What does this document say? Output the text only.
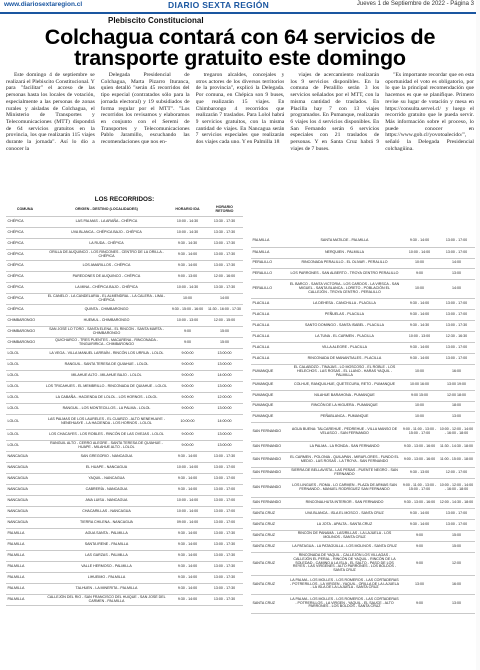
www.diariosextaregion.cl	DIARIO SEXTA REGIÓN	Jueves 1 de Septiembre de 2022 - Página 3
Plebiscito Constitucional
Colchagua contará con 64 servicios de transporte gratuito este domingo

Este domingo 4 de septiembre se realizará el Plebiscito Constitucional. Y para "facilitar" el acceso de las personas hasta los locales de votación, especialmente a las personas de zonas rurales y aisladas de Colchagua, el Ministerio de Transportes y Telecomunicaciones (MTT) dispondrá de 64 servicios gratuitos en la provincia, los que realizarán 115 viajes durante la jornada". Así lo dio a conocer la

Delegada Presidencial de Colchagua, Marta Pizarro Ituranca, quien detalló "serán 45 recorridos del tipo especial (contratados sólo para la jornada electoral) y 19 subsidiados de forma regular por el MTT". "Los recorridos los revisamos y elaboramos en conjunto con el Seremi de Transportes y Telecomunicaciones Pablo Jaramillo, escuchando las recomendaciones que nos en-

tregaron alcaldes, concejales y otros actores de los diversos territorios de la provincia", explicó la Delegada. Por comuna, en Chépica son 9 buses, que realizarán 15 viajes. En Chimbarongo 4 recorridos que realizarán 7 traslados. Para Lolol habrá 9 servicios gratuitos, con la misma cantidad de viajes. En Nancagua serán 7 servicios especiales que realizarán dos viajes cada uno. Y en Palmilla 18

viajes de acercamiento realizarán los 9 servicios disponibles. En la comuna de Peralillo serán 3 los servicios señalados por el MTT, con la misma cantidad de traslados. En Placilla hay 7 con 13 viajes programados. En Pumanque, realizarán 6 viajes los 4 servicios disponibles. En San Fernando serán 6 servicios especiales con 21 traslados de personas. Y en Santa Cruz habrá 9 viajes de 7 buses.

"Es importante recordar que en esta oportunidad el voto es obligatorio, por lo que la principal recomendación que hacemos es que se planifique. Primero revise su lugar de votación y mesa en https://consulta.servel.cl/ y luego el recorrido gratuito que le pueda servir. Más información sobre el proceso, lo puede conocer en https://www.gob.cl/yovotoalecido/", señaló la Delegada Presidencial colchagüina.

LOS RECORRIDOS:
COMUNA	ORIGEN - DESTINO (LOCALIDADES)	HORARIO IDA	HORARIO RETORNO
CHÉPICA	LAS PALMAS - LA ARAÑA - CHÉPICA	10:00 - 14:30	13:30 - 17:30
CHÉPICA	UVA BLANCA - CHÉPICA BAJO - CHÉPICA	10:00 - 14:30	13:30 - 17:30
CHÉPICA	LA RUDA - CHÉPICA	9:30 - 14:30	13:00 - 17:30
CHÉPICA	ORILLA DE AUQUINCO - LOS RINCONES - CENTRO DE LA ORILLA - CHÉPICA	9:30 - 14:00	13:00 - 17:30
CHÉPICA	LOS AMARILLOS - CHÉPICA	9:30 - 14:00	13:00 - 17:30
CHÉPICA	PAREDONES DE AUQUINCO - CHÉPICA	9:00 - 13:00	12:00 - 16:00
CHÉPICA	LA MINA - CHÉPICA BAJO - CHÉPICA	10:00 - 14:30	13:30 - 17:30
CHÉPICA	EL CANELO - LA CANDELARIA - EL ALMENDRAL - LA CALERA - LIMA - CHÉPICA	10:00	14:00
CHÉPICA	QUINTA - CHIMBARONGO	9:30 - 15:00 - 16:00	11:30 - 16:00 - 17:30
CHIMBARONGO	HUEMUL - CHIMBARONGO	10:00 - 13:00	12:00 - 15:00
CHIMBARONGO	SAN JOSÉ LO TORO - SANTA ELENA - EL RINCÓN - SANTA MARTA - CHIMBARONGO	9:00	15:00
CHIMBARONGO	QUICHARCO - TRES PUENTES - MACARENA - RINCONADA - TINGUIRIRICA - CHIMBARONGO	9:00	15:00
LOLOL	LA VEGA - VILLA MANUEL LARRAÍN - RINCÓN LOS URRUA - LOLOL	9:00:00	13:00:00
LOLOL	RANGUIL - SANTA TERESA DE QUIAHUE - LOLOL	9:00:00	13:00:00
LOLOL	MILAHUE ALTO - MILAHUE BAJO - LOLOL	9:00:00	14:00:00
LOLOL	LOS TRICAHUES - EL MEMBRILLO - RINCONADA DE QUIAHUE - LOLOL	9:00:00	13:00:00
LOLOL	LA CABAÑA - HACIENDA DE LOLOL - LOS HORNOS - LOLOL	9:00:00	12:00:00
LOLOL	RANGUIL - LOS MONTECILLOS - LA PALMA - LOLOL	9:00:00	13:00:00
LOLOL	LAS PALMAS DE LOS LAURELES - EL CUARZO - ALTO NENEHUAYE - NENEHUAYE - LA HACIENDA - LOS HORNOS - LOLOL	10:00:00	14:00:00
LOLOL	LOS CHACAYES - LOS ROBLES - RINCÓN DE LAS OVEJAS - LOLOL	9:00:00	13:00:00
LOLOL	RANGUIL ALTO - CERRO ALEGRE - SANTA TERESA DE QUIAHUE - HUAPE - MILAHUE ALTO - LOLOL	9:00:00	13:00:00
NANCAGUA	SAN GREGORIO - NANCAGUA	9:30 - 14:00	13:00 - 17:30
NANCAGUA	EL HUAPE - NANCAGUA	10:00 - 14:00	13:00 - 17:00
NANCAGUA	YAQUIL - NANCAGUA	9:30 - 14:00	13:00 - 17:00
NANCAGUA	CABRERÍA - NANCAGUA	9:30 - 14:00	13:00 - 17:00
NANCAGUA	ANA LUISA - NANCAGUA	10:00 - 14:00	13:00 - 17:00
NANCAGUA	CHACARILLAS - NANCAGUA	10:00 - 14:00	13:00 - 17:00
NANCAGUA	TIERRA CHILENA - NANCAGUA	09:00 - 14:00	13:00 - 17:00
PALMILLA	AGUA SANTA - PALMILLA	9:30 - 14:00	13:00 - 17:30
PALMILLA	SANTA IRENE - PALMILLA	9:30 - 14:00	13:00 - 17:30
PALMILLA	LAS GARZAS - PALMILLA	9:30 - 14:00	13:00 - 17:30
PALMILLA	VALLE HERMOSO - PALMILLA	9:30 - 14:00	13:00 - 17:30
PALMILLA	LIHUEIMO - PALMILLA	9:30 - 14:00	13:00 - 17:30
PALMILLA	TALHUEN - LA MINERITA - PALMILLA	9:30 - 14:00	13:00 - 17:30
PALMILLA	CALLEJÓN DEL RIO - SAN FRANCISCO DEL HUIQUE - SAN JOSÉ DEL CARMEN - PALMILLA	9:30 - 14:00	13:00 - 17:30
PALMILLA	SANTA MATILDE - PALMILLA	9:30 - 14:00	13:00 - 17:00
PALMILLA	NERQUIEN - PALMILLA	10:00 - 14:00	13:00 - 17:00
PERALILLO	RINCONADA PERALILLO - EL OLIVAR - PERALILLO	10:00	14:00
PERALILLO	LOS PARRONES - SAN ALBERTO - TROYA CENTRO PERALILLO	9:00	13:00
PERALILLO	EL BARCO - SANTA VICTORIA - LOS CARDOS - LA VIRSCA - SAN MIGUEL - SANTA BLANCA - LORETO - POBLACIÓN EL CALLEJÓN - TROYA CENTRO - PERALILLO	10:00	14:00
PLACILLA	LA DEHESA - CANCHILLA - PLACILLA	9:30 - 14:00	13:00 - 17:00
PLACILLA	PEÑUELAS - PLACILLA	9:30 - 14:00	13:00 - 17:00
PLACILLA	SANTO DOMINGO - SANTA ISABEL - PLACILLA	9:30 - 14:30	13:00 - 17:30
PLACILLA	LA TUNA - EL CARMEN - PLACILLA	10:00 - 13:00	12:30 - 16:30
PLACILLA	VILLA ALEGRE - PLACILLA	9:30 - 14:00	13:00 - 17:00
PLACILLA	RINCONADA DE MANANTIALES - PLACILLA	9:30 - 14:00	13:00 - 17:00
PUMANQUE	EL CALABOZO - TINAJAS - LO MOSCOSO - EL ROBLE - LOS HELECHOS - LAS ROSAS - EL LLANO - HARAS YAQUIL - PALMILLA	10:00	16:00
PUMANQUE	COLHUE, RANQUILHUE, QUETECURA, RETO - PUMANQUE	10:00 16:00	13:00 19:00
PUMANQUE	NILAHUE BARAHONA - PUMANQUE	9:00 15:00	12:00 18:00
PUMANQUE	RINCÓN DE LA HIGUERA - PUMANQUE	10:00	18:00
PUMANQUE	PEÑABLANCA - PUMANQUE	10:00	13:00
SAN FERNANDO	AGUA BUENA: TALCAREHUE - PEDREHUE - VILLA MANSO DE VELASCO - SAN FERNANDO	9:00 - 11:00 - 13:00 - 15:00 - 17:00	10:00 - 12:00 - 14:00 - 16:00 - 18:00
SAN FERNANDO	LA PALMA - LA RONDA - SAN FERNANDO	9:30 - 13:00 - 16:00	11:30 - 14:30 - 18:00
SAN FERNANDO	EL CARMEN - POLONIA - QUILAPAN - MIRAFLORES - FUNDO EL MEDIO - LAS ROSAS - LA TROYA - SAN FERNANDO	9:00 - 13:00 - 16:00	11:00 - 15:00 - 18:00
SAN FERNANDO	SIERRA DE BELLAVISTA - LAS PEÑAS - PUENTE NEGRO - SAN FERNANDO	9:30 - 13:00	12:00 - 17:00
SAN FERNANDO	LOS LINGUES - ROMA - LO CARMEN - PLAZA DE ARMAS SAN FERNANDO - MANUEL RODRÍGUEZ SAN FERNANDO	9:00 - 11:00 - 13:00 - 15:00 - 17:00	10:00 - 12:00 - 14:00 - 16:00 - 18:00
SAN FERNANDO	RINCONALHUTA INTERIOR - SAN FERNANDO	9:30 - 13:00 - 16:00	12:00 - 14:30 - 18:00
SANTA CRUZ	UVA BLANCA - ISLA EL MOSCO - SANTA CRUZ	9:30 - 14:00	13:00 - 17:00
SANTA CRUZ	LA JOTA - APALTA - SANTA CRUZ	9:30 - 14:00	13:00 - 17:00
SANTA CRUZ	RINCÓN DE PANAMÁ - LAS/RILLAS - LA LAJUELA - LOS MOLINOS - SANTA CRUZ	9:00	15:00
SANTA CRUZ	LA PATAGUA - LA PATAGÜILLA - LOS MOLINOS - SANTA CRUZ	9:00	15:00
SANTA CRUZ	RINCONADA DE YAQUIL - CALLEJÓN LOS VILLAGAS - CALLEJÓN EL PERAL - RINCÓN DE YAQUIL - RINCÓN DE LA SOLEDAD - CAMINO A LA ISLA - EL SALTO - PASO DE LOS REYES - LAS VIRGENES - ALTO PARRONES - LOS BOLDOS - SANTA CRUZ	9:00	12:00
SANTA CRUZ	LA PALMA - LOS MOLLES - LOS ROMEROS - LAS CORTADERAS - POTRERILLOS - LA VIRGEN - YAQUIL - ORILLA DE LA LAJUELA - LA ISLA DE LA LAJUELA - SANTA CRUZ	13:00	16:00
SANTA CRUZ	LA PALMA - LOS MOLLES - LOS ROMEROS - LAS CORTADERAS - POTRERILLOS - LA VIRGEN - YAQUIL - EL SAUCE - ALTO PARRONES - LOS BOLDOS - SANTA CRUZ	9:00	13:00
